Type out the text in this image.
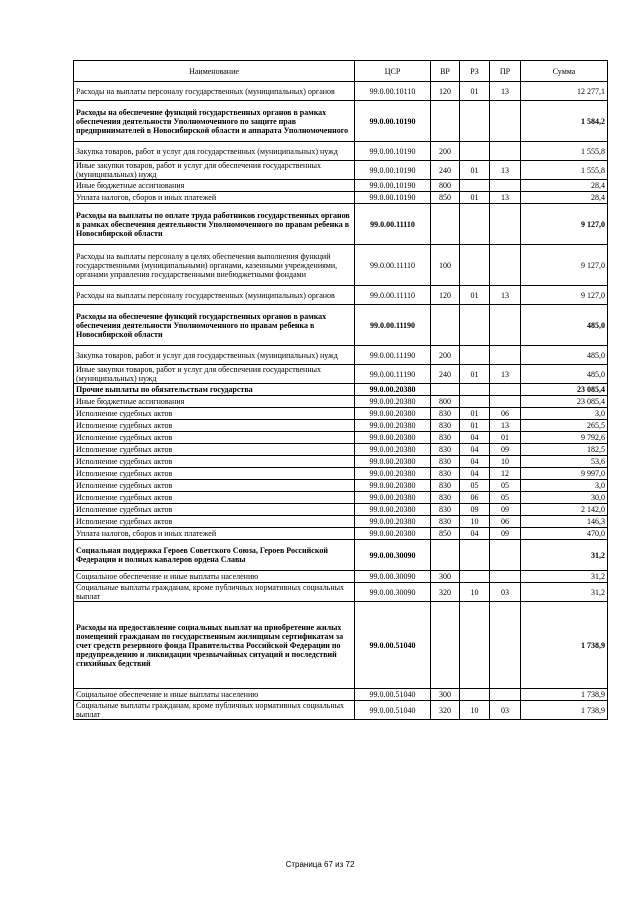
Наименование	ЦСР	ВР	РЗ	ПР	Сумма
Расходы на выплаты персоналу государственных (муниципальных) органов	99.0.00.10110	120	01	13	12 277,1
Расходы на обеспечение функций государственных органов в рамках обеспечения деятельности Уполномоченного по защите прав предпринимателей в Новосибирской области и аппарата Уполномоченного	99.0.00.10190				1 584,2
Закупка товаров, работ и услуг для государственных (муниципальных) нужд	99.0.00.10190	200			1 555,8
Иные закупки товаров, работ и услуг для обеспечения государственных (муниципальных) нужд	99.0.00.10190	240	01	13	1 555,8
Иные бюджетные ассигнования	99.0.00.10190	800			28,4
Уплата налогов, сборов и иных платежей	99.0.00.10190	850	01	13	28,4
Расходы на выплаты по оплате труда работников государственных органов в рамках обеспечения деятельности Уполномоченного по правам ребенка в Новосибирской области	99.0.00.11110				9 127,0
Расходы на выплаты персоналу в целях обеспечения выполнения функций государственными (муниципальными) органами, казенными учреждениями, органами управления государственными внебюджетными фондами	99.0.00.11110	100			9 127,0
Расходы на выплаты персоналу государственных (муниципальных) органов	99.0.00.11110	120	01	13	9 127,0
Расходы на обеспечение функций государственных органов в рамках обеспечения деятельности Уполномоченного по правам ребенка в Новосибирской области	99.0.00.11190				485,0
Закупка товаров, работ и услуг для государственных (муниципальных) нужд	99.0.00.11190	200			485,0
Иные закупки товаров, работ и услуг для обеспечения государственных (муниципальных) нужд	99.0.00.11190	240	01	13	485,0
Прочие выплаты по обязательствам государства	99.0.00.20380				23 085,4
Иные бюджетные ассигнования	99.0.00.20380	800			23 085,4
Исполнение судебных актов	99.0.00.20380	830	01	06	3,0
Исполнение судебных актов	99.0.00.20380	830	01	13	265,5
Исполнение судебных актов	99.0.00.20380	830	04	01	9 792,6
Исполнение судебных актов	99.0.00.20380	830	04	09	182,5
Исполнение судебных актов	99.0.00.20380	830	04	10	53,6
Исполнение судебных актов	99.0.00.20380	830	04	12	9 997,0
Исполнение судебных актов	99.0.00.20380	830	05	05	3,0
Исполнение судебных актов	99.0.00.20380	830	06	05	30,0
Исполнение судебных актов	99.0.00.20380	830	09	09	2 142,0
Исполнение судебных актов	99.0.00.20380	830	10	06	146,3
Уплата налогов, сборов и иных платежей	99.0.00.20380	850	04	09	470,0
Социальная поддержка Героев Советского Союза, Героев Российской Федерации и полных кавалеров ордена Славы	99.0.00.30090				31,2
Социальное обеспечение и иные выплаты населению	99.0.00.30090	300			31,2
Социальные выплаты гражданам, кроме публичных нормативных социальных выплат	99.0.00.30090	320	10	03	31,2
Расходы на предоставление социальных выплат на приобретение жилых помещений гражданам по государственным жилищным сертификатам за счет средств резервного фонда Правительства Российской Федерации по предупреждению и ликвидации чрезвычайных ситуаций и последствий стихийных бедствий	99.0.00.51040				1 738,9
Социальное обеспечение и иные выплаты населению	99.0.00.51040	300			1 738,9
Социальные выплаты гражданам, кроме публичных нормативных социальных выплат	99.0.00.51040	320	10	03	1 738,9
Страница 67 из 72
